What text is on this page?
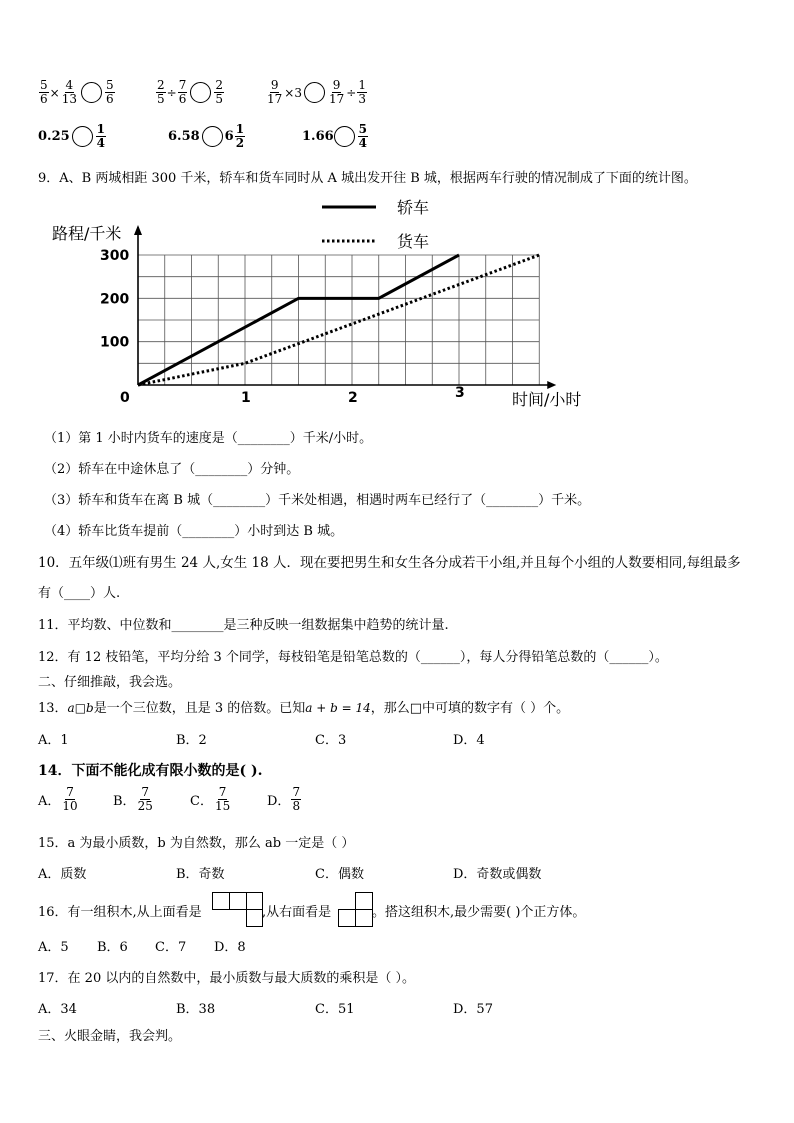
$\frac{5}{6} \times \frac{4}{13} \frac{5}{6}$	$\frac{2}{5} \div \frac{7}{6} \frac{2}{5}$	$\frac{9}{17} \times 3 \frac{9}{17} \div \frac{1}{3}$
$0.25 \frac{1}{4}$	6.58 $6 \frac{1}{2}$	$1.66 \frac{5}{4}$
9．A、B 两城相距 300 千米，轿车和货车同时从 A 城出发开往 B 城，根据两车行驶的情况制成了下面的统计图。
0	1	2	3
100
200
300
轿车
货车
路程/千米
时间/小时
（1）第 1 小时内货车的速度是（________）千米/小时。
（2）轿车在中途休息了（________）分钟。
（3）轿车和货车在离 B 城（________）千米处相遇，相遇时两车已经行了（________）千米。
（4）轿车比货车提前（________）小时到达 B 城。
10．五年级⑴班有男生 24 人,女生 18 人．现在要把男生和女生各分成若干小组,并且每个小组的人数要相同,每组最多
有（____）人.
11．平均数、中位数和________是三种反映一组数据集中趋势的统计量.
12．有 12 枝铅笔，平均分给 3 个同学，每枝铅笔是铅笔总数的（______），每人分得铅笔总数的（______）。
二、仔细推敲，我会选。
13．a□b是一个三位数，且是 3 的倍数。已知a + b = 14，那么□中可填的数字有（ ）个。
A．1	B．2	C．3	D．4
14．下面不能化成有限小数的是( ).
A． $\frac{7}{10}$	B． $\frac{7}{25}$	C． $\frac{7}{15}$	D． $\frac{7}{8}$
15．a 为最小质数，b 为自然数，那么 ab 一定是（ ）
A．质数	B．奇数	C．偶数	D．奇数或偶数
16．有一组积木,从上面看是	,从右面看是	。搭这组积木,最少需要( )个正方体。
A．5 B．6 C．7 D．8
17．在 20 以内的自然数中，最小质数与最大质数的乘积是（ ）。
A．34	B．38	C．51	D．57
三、火眼金睛，我会判。
